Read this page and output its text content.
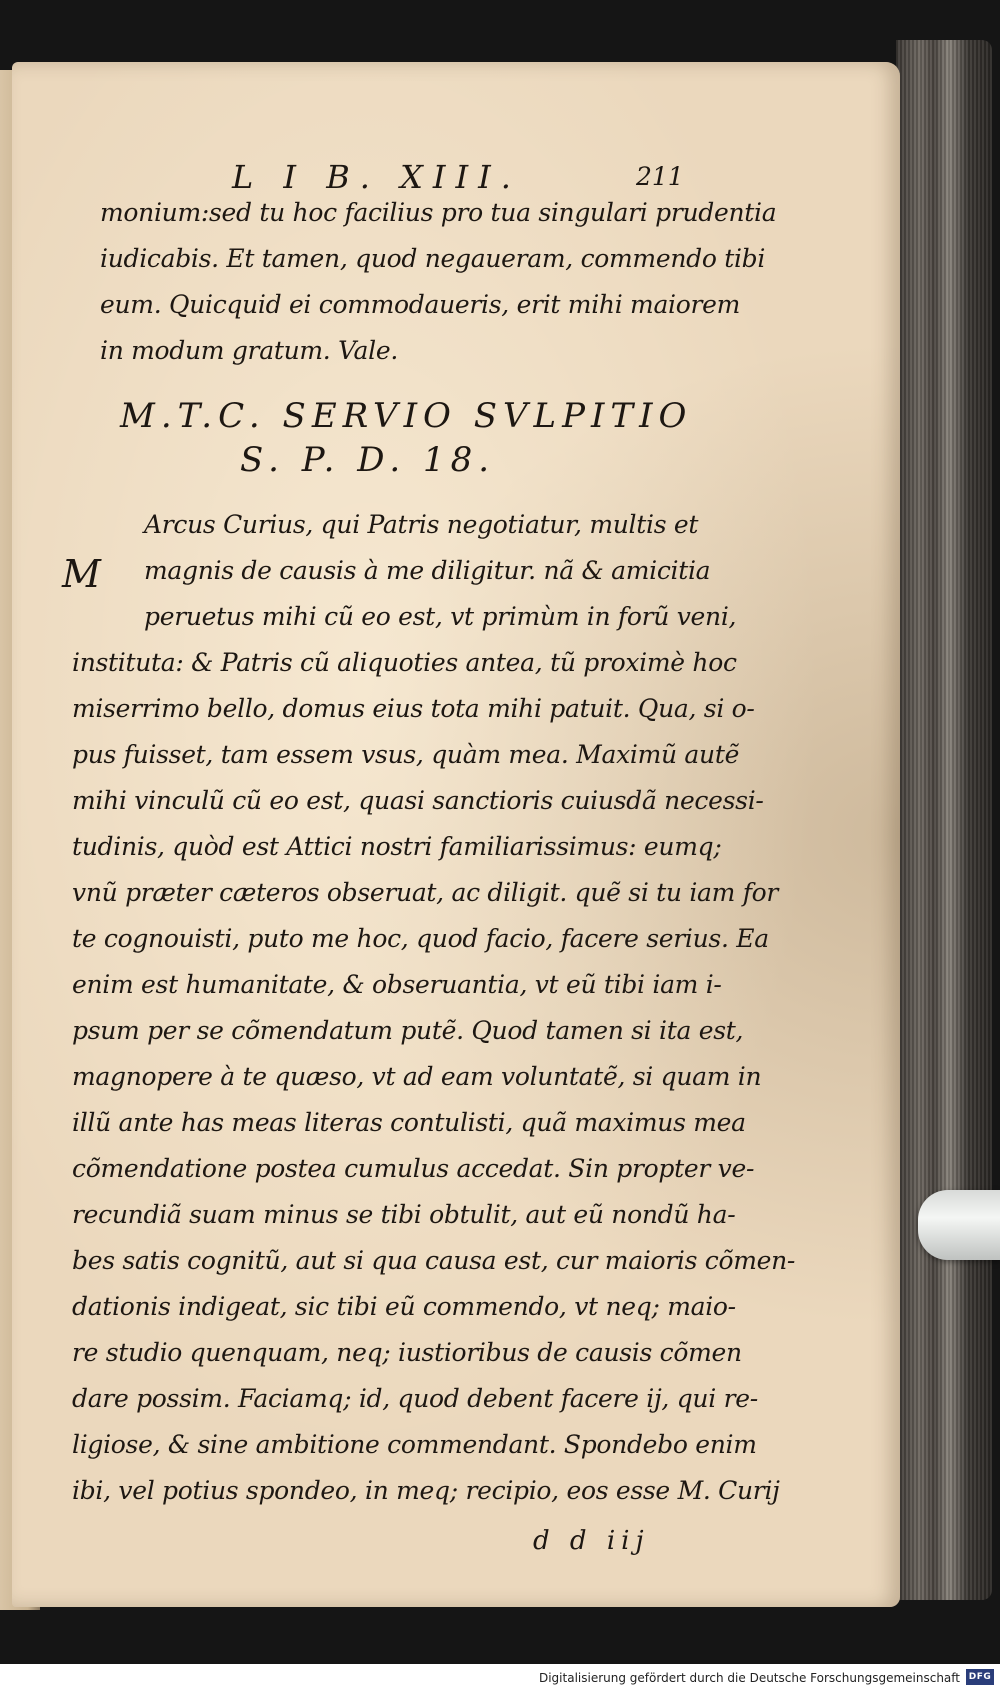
L I B. XIII.	211
monium:sed tu hoc facilius pro tua singulari prudentia
iudicabis. Et tamen, quod negaueram, commendo tibi
eum. Quicquid ei commodaueris, erit mihi maiorem
in modum gratum. Vale.
M.T.C. SERVIO SVLPITIO
S. P. D. 18.
M
Arcus Curius, qui Patris negotiatur, multis et
magnis de causis à me diligitur. nã & amicitia
peruetus mihi cũ eo est, vt primùm in forũ veni,
instituta: & Patris cũ aliquoties antea, tũ proximè hoc
miserrimo bello, domus eius tota mihi patuit. Qua, si o-
pus fuisset, tam essem vsus, quàm mea. Maximũ autẽ
mihi vinculũ cũ eo est, quasi sanctioris cuiusdã necessi-
tudinis, quòd est Attici nostri familiarissimus: eumq;
vnũ præter cæteros obseruat, ac diligit. quẽ si tu iam for
te cognouisti, puto me hoc, quod facio, facere serius. Ea
enim est humanitate, & obseruantia, vt eũ tibi iam i-
psum per se cõmendatum putẽ. Quod tamen si ita est,
magnopere à te quæso, vt ad eam voluntatẽ, si quam in
illũ ante has meas literas contulisti, quã maximus mea
cõmendatione postea cumulus accedat. Sin propter ve-
recundiã suam minus se tibi obtulit, aut eũ nondũ ha-
bes satis cognitũ, aut si qua causa est, cur maioris cõmen-
dationis indigeat, sic tibi eũ commendo, vt neq; maio-
re studio quenquam, neq; iustioribus de causis cõmen
dare possim. Faciamq; id, quod debent facere ij, qui re-
ligiose, & sine ambitione commendant. Spondebo enim
ibi, vel potius spondeo, in meq; recipio, eos esse M. Curij
d d iij
Digitalisierung gefördert durch die Deutsche Forschungsgemeinschaft DFG
